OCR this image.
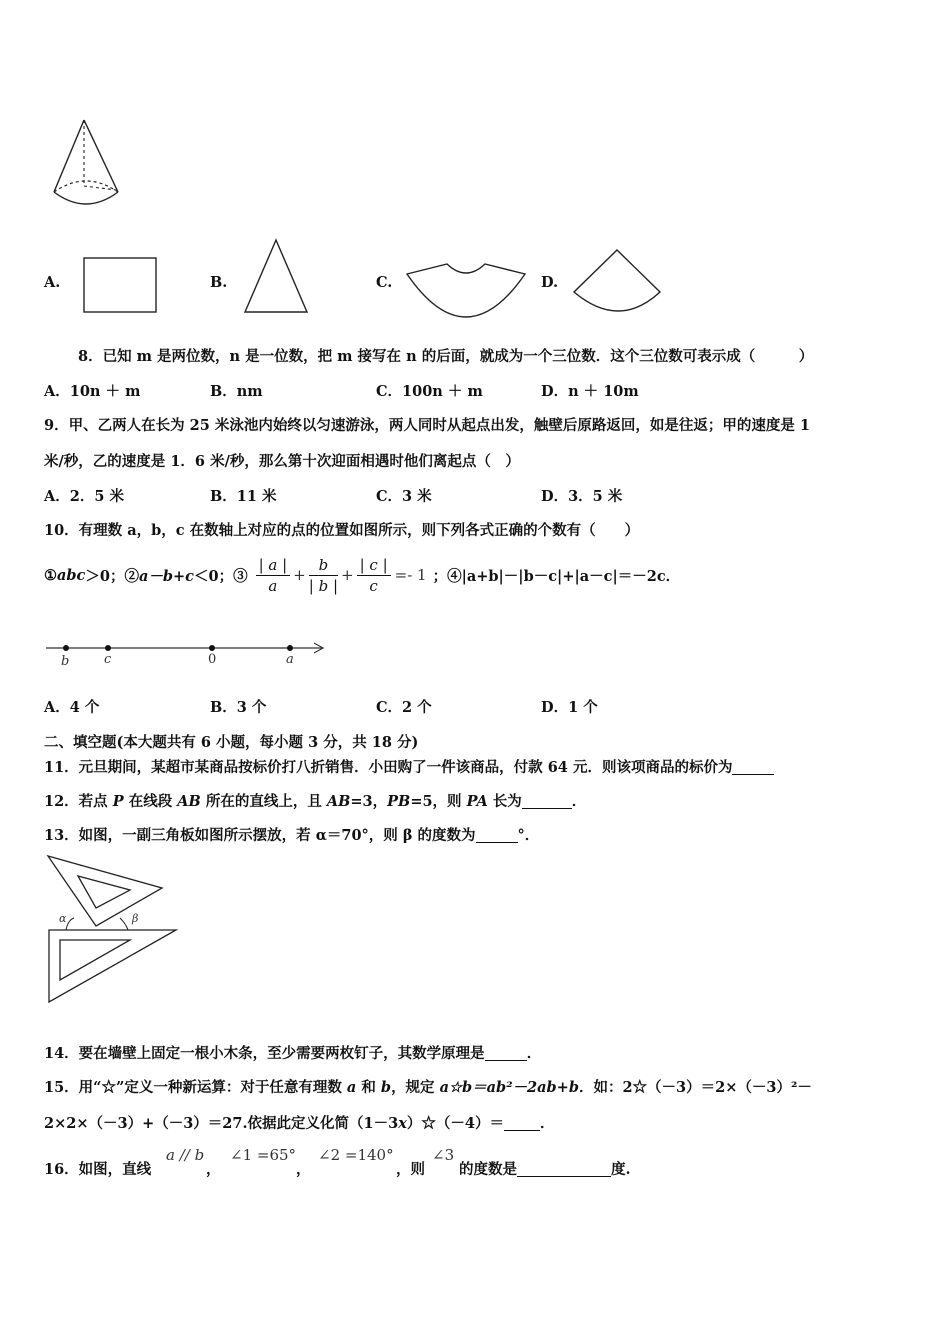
A.	B.	C.	D.
8．已知 m 是两位数，n 是一位数，把 m 接写在 n 的后面，就成为一个三位数．这个三位数可表示成（　　　）
A．10n ＋ m	B．nm	C．100n ＋ m	D．n ＋ 10m
9．甲、乙两人在长为 25 米泳池内始终以匀速游泳，两人同时从起点出发，触壁后原路返回，如是往返；甲的速度是 1
米/秒，乙的速度是 1．6 米/秒，那么第十次迎面相遇时他们离起点（　）
A．2．5 米	B．11 米	C．3 米	D．3．5 米
10．有理数 a，b，c 在数轴上对应的点的位置如图所示，则下列各式正确的个数有（　　）
① abc ＞0；② a－b+c ＜0；③ $\frac{| a |}{a} + \frac{b}{| b |} + \frac{| c |}{c} =- 1$ ；④|a+b|－|b－c|+|a－c|＝－2c．
b	c	0	a
A．4 个	B．3 个	C．2 个	D．1 个
二、填空题(本大题共有 6 小题，每小题 3 分，共 18 分)
11．元旦期间，某超市某商品按标价打八折销售．小田购了一件该商品，付款 64 元．则该项商品的标价为
12．若点 P 在线段 AB 所在的直线上，且 AB=3，PB=5，则 PA 长为	．
13．如图，一副三角板如图所示摆放，若 α＝70°，则 β 的度数为	°．
α	β
14．要在墙壁上固定一根小木条，至少需要两枚钉子，其数学原理是	．
15．用“☆”定义一种新运算：对于任意有理数 a 和 b，规定 a☆b＝ab²－2ab+b．如：2☆（－3）＝2×（－3）²－
2×2×（－3）+（－3）＝27.依据此定义化简（1－3x）☆（－4）＝ ．
16．如图，直线
a // b
，
∠1 =65°
，
∠2 =140°
，则
∠3
的度数是	度.
